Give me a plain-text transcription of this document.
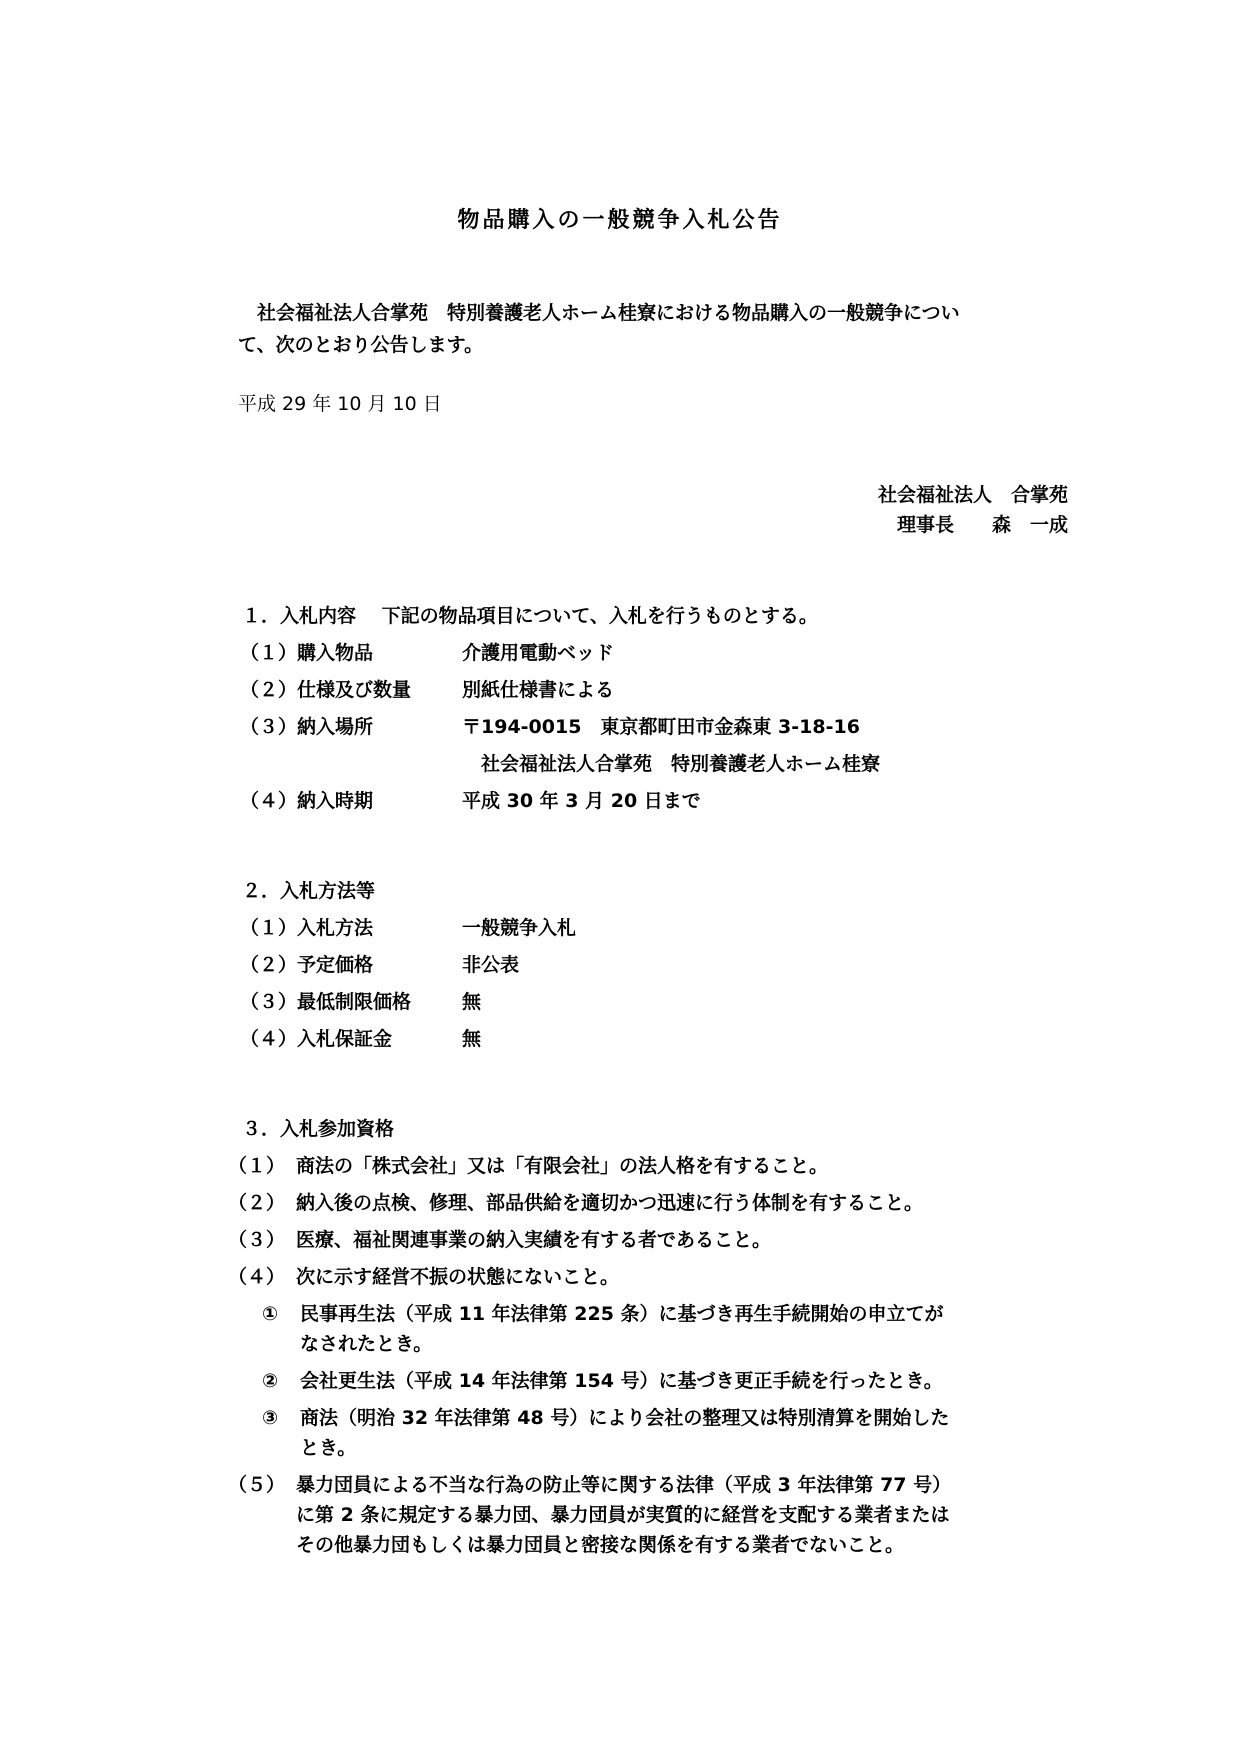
物品購入の一般競争入札公告
　社会福祉法人合掌苑　特別養護老人ホーム桂寮における物品購入の一般競争につい
て、次のとおり公告します。
平成 29 年 10 月 10 日
社会福祉法人　合掌苑
理事長　　森　一成
１．入札内容　 下記の物品項目について、入札を行うものとする。
（１）購入物品	介護用電動ベッド
（２）仕様及び数量	別紙仕様書による
（３）納入場所	〒194-0015　東京都町田市金森東 3-18-16
　社会福祉法人合掌苑　特別養護老人ホーム桂寮
（４）納入時期	平成 30 年 3 月 20 日まで
２．入札方法等
（１）入札方法	一般競争入札
（２）予定価格	非公表
（３）最低制限価格	無
（４）入札保証金	無
３．入札参加資格
（１） 商法の「株式会社」又は「有限会社」の法人格を有すること。
（２） 納入後の点検、修理、部品供給を適切かつ迅速に行う体制を有すること。
（３） 医療、福祉関連事業の納入実績を有する者であること。
（４） 次に示す経営不振の状態にないこと。
① 民事再生法（平成 11 年法律第 225 条）に基づき再生手続開始の申立てが
なされたとき。
② 会社更生法（平成 14 年法律第 154 号）に基づき更正手続を行ったとき。
③ 商法（明治 32 年法律第 48 号）により会社の整理又は特別清算を開始した
とき。
（５） 暴力団員による不当な行為の防止等に関する法律（平成 3 年法律第 77 号）
に第 2 条に規定する暴力団、暴力団員が実質的に経営を支配する業者または
その他暴力団もしくは暴力団員と密接な関係を有する業者でないこと。
